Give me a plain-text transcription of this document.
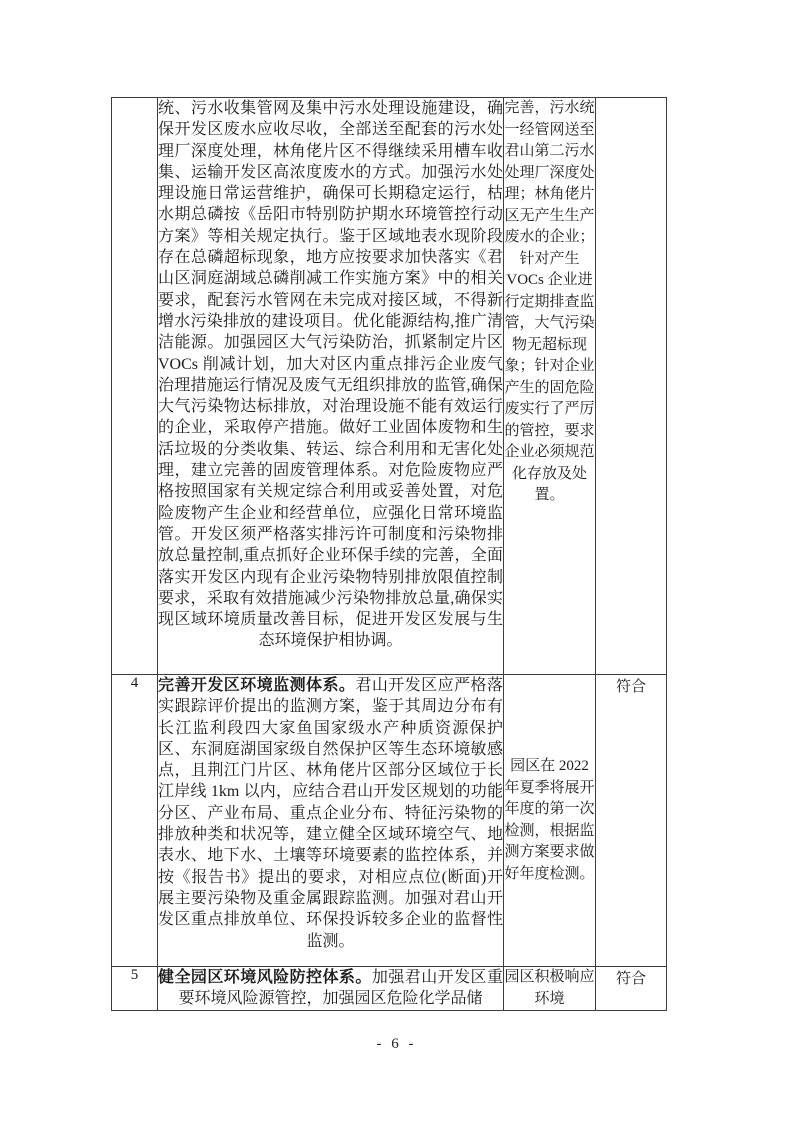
	统、污水收集管网及集中污水处理设施建设，确保开发区废水应收尽收，全部送至配套的污水处理厂深度处理，林角佬片区不得继续采用槽车收集、运输开发区高浓度废水的方式。加强污水处理设施日常运营维护，确保可长期稳定运行，枯水期总磷按《岳阳市特别防护期水环境管控行动方案》等相关规定执行。鉴于区域地表水现阶段存在总磷超标现象，地方应按要求加快落实《君山区洞庭湖域总磷削减工作实施方案》中的相关要求，配套污水管网在未完成对接区域，不得新增水污染排放的建设项目。优化能源结构,推广清洁能源。加强园区大气污染防治，抓紧制定片区 VOCs 削减计划，加大对区内重点排污企业废气治理措施运行情况及废气无组织排放的监管,确保大气污染物达标排放，对治理设施不能有效运行的企业，采取停产措施。做好工业固体废物和生活垃圾的分类收集、转运、综合利用和无害化处理，建立完善的固废管理体系。对危险废物应严格按照国家有关规定综合利用或妥善处置，对危险废物产生企业和经营单位，应强化日常环境监管。开发区须严格落实排污许可制度和污染物排放总量控制,重点抓好企业环保手续的完善，全面落实开发区内现有企业污染物特别排放限值控制要求，采取有效措施减少污染物排放总量,确保实现区域环境质量改善目标，促进开发区发展与生态环境保护相协调。	完善，污水统一经管网送至君山第二污水处理厂深度处理；林角佬片区无产生生产废水的企业；针对产生 VOCs 企业进行定期排查监管，大气污染物无超标现象；针对企业产生的固危险废实行了严厉的管控，要求企业必须规范化存放及处置。	
4	完善开发区环境监测体系。君山开发区应严格落实跟踪评价提出的监测方案，鉴于其周边分布有长江监利段四大家鱼国家级水产种质资源保护区、东洞庭湖国家级自然保护区等生态环境敏感点，且荆江门片区、林角佬片区部分区域位于长江岸线 1km 以内，应结合君山开发区规划的功能分区、产业布局、重点企业分布、特征污染物的排放种类和状况等，建立健全区域环境空气、地表水、地下水、土壤等环境要素的监控体系，并按《报告书》提出的要求，对相应点位(断面)开展主要污染物及重金属跟踪监测。加强对君山开发区重点排放单位、环保投诉较多企业的监督性监测。	园区在 2022 年夏季将展开年度的第一次检测，根据监测方案要求做好年度检测。	符合
5	健全园区环境风险防控体系。加强君山开发区重要环境风险源管控，加强园区危险化学品储	园区积极响应环境	符合
- 6 -
